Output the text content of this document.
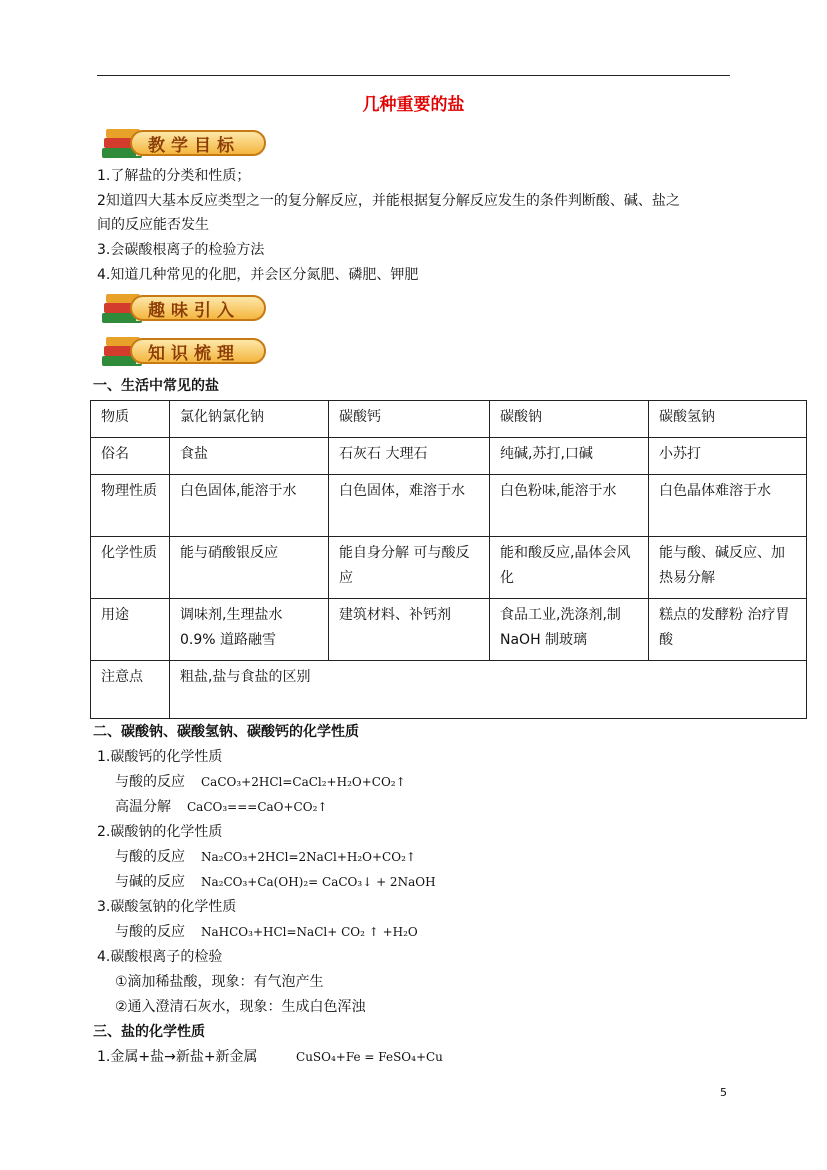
几种重要的盐
教学目标
1.了解盐的分类和性质；
2知道四大基本反应类型之一的复分解反应，并能根据复分解反应发生的条件判断酸、碱、盐之
间的反应能否发生
3.会碳酸根离子的检验方法
4.知道几种常见的化肥，并会区分氮肥、磷肥、钾肥
趣味引入
知识梳理
一、生活中常见的盐
物质	氯化钠氯化钠	碳酸钙	碳酸钠	碳酸氢钠
俗名	食盐	石灰石 大理石	纯碱,苏打,口碱	小苏打
物理性质	白色固体,能溶于水	白色固体，难溶于水	白色粉味,能溶于水	白色晶体难溶于水
化学性质	能与硝酸银反应	能自身分解 可与酸反应	能和酸反应,晶体会风化	能与酸、碱反应、加热易分解
用途	调味剂,生理盐水 0.9% 道路融雪	建筑材料、补钙剂	食品工业,洗涤剂,制NaOH 制玻璃	糕点的发酵粉 治疗胃酸
注意点	粗盐,盐与食盐的区别			
二、碳酸钠、碳酸氢钠、碳酸钙的化学性质
1.碳酸钙的化学性质
与酸的反应 CaCO₃+2HCl=CaCl₂+H₂O+CO₂↑
高温分解 CaCO₃===CaO+CO₂↑
2.碳酸钠的化学性质
与酸的反应 Na₂CO₃+2HCl=2NaCl+H₂O+CO₂↑
与碱的反应 Na₂CO₃+Ca(OH)₂= CaCO₃↓ + 2NaOH
3.碳酸氢钠的化学性质
与酸的反应 NaHCO₃+HCl=NaCl+ CO₂ ↑ +H₂O
4.碳酸根离子的检验
①滴加稀盐酸，现象：有气泡产生
②通入澄清石灰水，现象：生成白色浑浊
三、盐的化学性质
1.金属+盐→新盐+新金属	CuSO₄+Fe = FeSO₄+Cu
5
